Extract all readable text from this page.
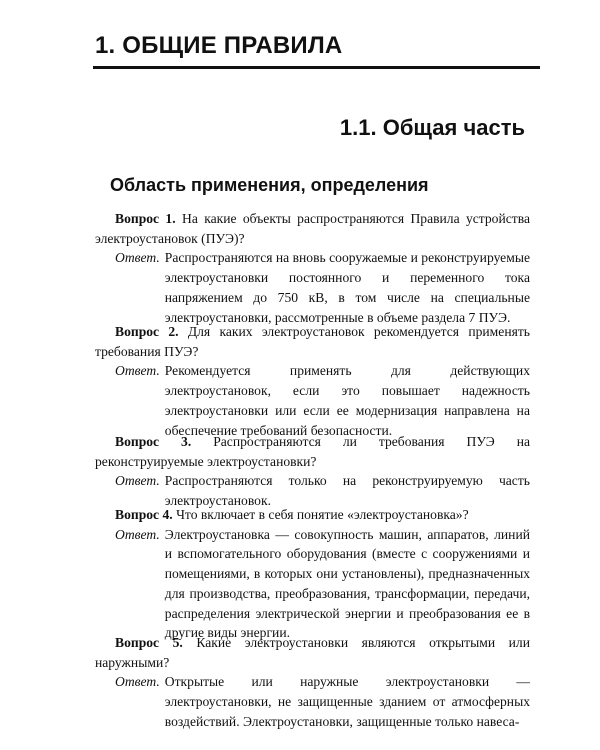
1. ОБЩИЕ ПРАВИЛА
1.1. Общая часть
Область применения, определения

Вопрос 1. На какие объекты распространяются Правила устройства электроустановок (ПУЭ)?

Ответ. Распространяются на вновь сооружаемые и реконструируемые электроустановки постоянного и переменного тока напряжением до 750 кВ, в том числе на специальные электроустановки, рассмотренные в объеме раздела 7 ПУЭ.

Вопрос 2. Для каких электроустановок рекомендуется применять требования ПУЭ?

Ответ. Рекомендуется применять для действующих электроустановок, если это повышает надежность электроустановки или если ее модернизация направлена на обеспечение требований безопасности.

Вопрос 3. Распространяются ли требования ПУЭ на реконструируемые электроустановки?

Ответ. Распространяются только на реконструируемую часть электроустановок.

Вопрос 4. Что включает в себя понятие «электроустановка»?

Ответ. Электроустановка — совокупность машин, аппаратов, линий и вспомогательного оборудования (вместе с сооружениями и помещениями, в которых они установлены), предназначенных для производства, преобразования, трансформации, передачи, распределения электрической энергии и преобразования ее в другие виды энергии.

Вопрос 5. Какие электроустановки являются открытыми или наружными?

Ответ. Открытые или наружные электроустановки — электроустановки, не защищенные зданием от атмосферных воздействий. Электроустановки, защищенные только навеса-
